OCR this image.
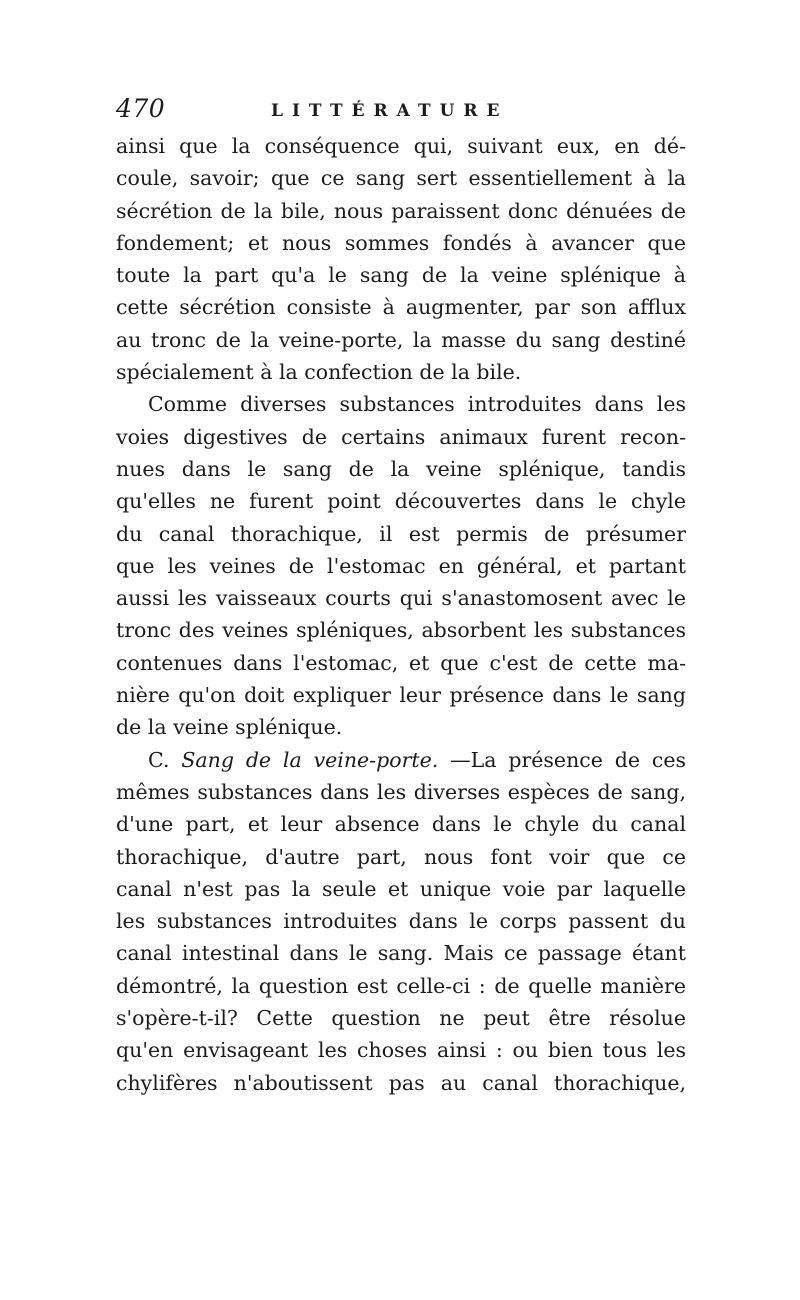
470	LITTÉRATURE
ainsi que la conséquence qui, suivant eux, en dé-
coule, savoir; que ce sang sert essentiellement à la
sécrétion de la bile, nous paraissent donc dénuées de
fondement; et nous sommes fondés à avancer que
toute la part qu'a le sang de la veine splénique à
cette sécrétion consiste à augmenter, par son afflux
au tronc de la veine-porte, la masse du sang destiné
spécialement à la confection de la bile.
Comme diverses substances introduites dans les
voies digestives de certains animaux furent recon-
nues dans le sang de la veine splénique, tandis
qu'elles ne furent point découvertes dans le chyle
du canal thorachique, il est permis de présumer
que les veines de l'estomac en général, et partant
aussi les vaisseaux courts qui s'anastomosent avec le
tronc des veines spléniques, absorbent les substances
contenues dans l'estomac, et que c'est de cette ma-
nière qu'on doit expliquer leur présence dans le sang
de la veine splénique.
C. Sang de la veine-porte. —La présence de ces
mêmes substances dans les diverses espèces de sang,
d'une part, et leur absence dans le chyle du canal
thorachique, d'autre part, nous font voir que ce
canal n'est pas la seule et unique voie par laquelle
les substances introduites dans le corps passent du
canal intestinal dans le sang. Mais ce passage étant
démontré, la question est celle-ci : de quelle manière
s'opère-t-il? Cette question ne peut être résolue
qu'en envisageant les choses ainsi : ou bien tous les
chylifères n'aboutissent pas au canal thorachique,
